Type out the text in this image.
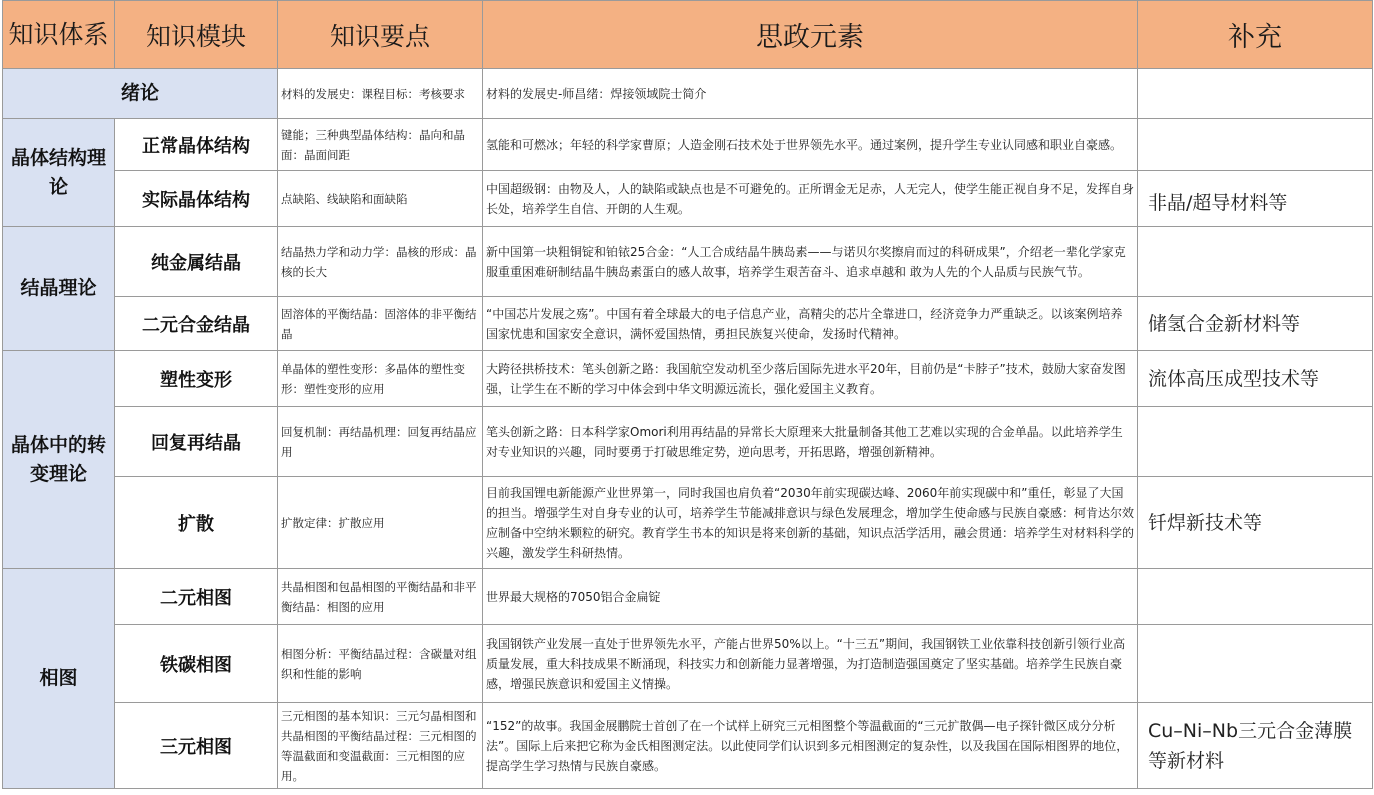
知识体系	知识模块	知识要点	思政元素	补充
绪论		材料的发展史：课程目标：考核要求	材料的发展史-师昌绪：焊接领域院士简介	
晶体结构理论	正常晶体结构	键能；三种典型晶体结构：晶向和晶面：晶面间距	氢能和可燃冰；年轻的科学家曹原；人造金刚石技术处于世界领先水平。通过案例，提升学生专业认同感和职业自豪感。	
	实际晶体结构	点缺陷、线缺陷和面缺陷	中国超级钢：由物及人，人的缺陷或缺点也是不可避免的。正所谓金无足赤，人无完人，使学生能正视自身不足，发挥自身长处，培养学生自信、开朗的人生观。	非晶/超导材料等
结晶理论	纯金属结晶	结晶热力学和动力学：晶核的形成：晶核的长大	新中国第一块粗铜锭和铂铱25合金：“人工合成结晶牛胰岛素——与诺贝尔奖擦肩而过的科研成果”，介绍老一辈化学家克服重重困难研制结晶牛胰岛素蛋白的感人故事，培养学生艰苦奋斗、追求卓越和 敢为人先的个人品质与民族气节。	
	二元合金结晶	固溶体的平衡结晶：固溶体的非平衡结晶	“中国芯片发展之殇”。中国有着全球最大的电子信息产业，高精尖的芯片全靠进口，经济竞争力严重缺乏。以该案例培养国家忧患和国家安全意识，满怀爱国热情，勇担民族复兴使命，发扬时代精神。	储氢合金新材料等
晶体中的转变理论	塑性变形	单晶体的塑性变形：多晶体的塑性变形：塑性变形的应用	大跨径拱桥技术：笔头创新之路：我国航空发动机至少落后国际先进水平20年，目前仍是“卡脖子”技术，鼓励大家奋发图强，让学生在不断的学习中体会到中华文明源远流长，强化爱国主义教育。	流体高压成型技术等
	回复再结晶	回复机制：再结晶机理：回复再结晶应用	笔头创新之路：日本科学家Omori利用再结晶的异常长大原理来大批量制备其他工艺难以实现的合金单晶。以此培养学生对专业知识的兴趣，同时要勇于打破思维定势，逆向思考，开拓思路，增强创新精神。	
	扩散	扩散定律：扩散应用	目前我国锂电新能源产业世界第一，同时我国也肩负着“2030年前实现碳达峰、2060年前实现碳中和”重任，彰显了大国的担当。增强学生对自身专业的认可，培养学生节能减排意识与绿色发展理念，增加学生使命感与民族自豪感：柯肯达尔效应制备中空纳米颗粒的研究。教育学生书本的知识是将来创新的基础，知识点活学活用，融会贯通：培养学生对材料科学的兴趣，激发学生科研热情。	钎焊新技术等
相图	二元相图	共晶相图和包晶相图的平衡结晶和非平衡结晶：相图的应用	世界最大规格的7050铝合金扁锭	
	铁碳相图	相图分析：平衡结晶过程：含碳量对组织和性能的影响	我国钢铁产业发展一直处于世界领先水平，产能占世界50%以上。“十三五”期间，我国钢铁工业依靠科技创新引领行业高质量发展，重大科技成果不断涌现，科技实力和创新能力显著增强，为打造制造强国奠定了坚实基础。培养学生民族自豪感，增强民族意识和爱国主义情操。	
	三元相图	三元相图的基本知识：三元匀晶相图和共晶相图的平衡结晶过程：三元相图的等温截面和变温截面：三元相图的应用。	“152”的故事。我国金展鹏院士首创了在一个试样上研究三元相图整个等温截面的“三元扩散偶—电子探针微区成分分析法”。国际上后来把它称为金氏相图测定法。以此使同学们认识到多元相图测定的复杂性，以及我国在国际相图界的地位，提高学生学习热情与民族自豪感。	Cu–Ni–Nb三元合金薄膜 等新材料
